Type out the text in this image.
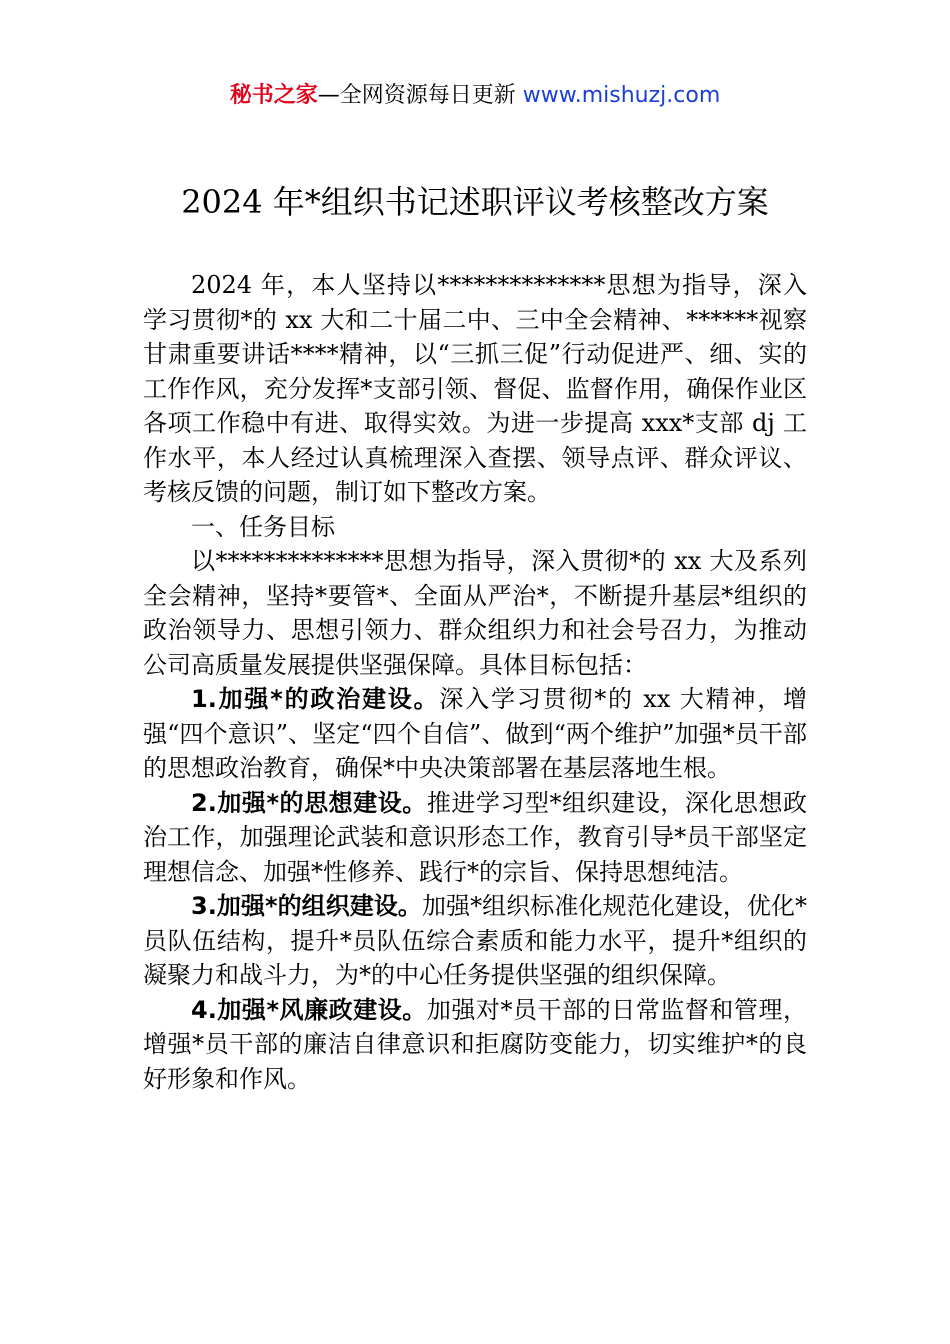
秘书之家—全网资源每日更新 www.mishuzj.com
2024 年*组织书记述职评议考核整改方案

2024 年，本人坚持以**************思想为指导，深入学习贯彻*的 xx 大和二十届二中、三中全会精神、******视察甘肃重要讲话****精神，以“三抓三促”行动促进严、细、实的工作作风，充分发挥*支部引领、督促、监督作用，确保作业区各项工作稳中有进、取得实效。为进一步提高 xxx*支部 dj 工作水平，本人经过认真梳理深入查摆、领导点评、群众评议、考核反馈的问题，制订如下整改方案。

一、任务目标

以**************思想为指导，深入贯彻*的 xx 大及系列全会精神，坚持*要管*、全面从严治*，不断提升基层*组织的政治领导力、思想引领力、群众组织力和社会号召力，为推动公司高质量发展提供坚强保障。具体目标包括：

1.加强*的政治建设。深入学习贯彻*的 xx 大精神，增强“四个意识”、坚定“四个自信”、做到“两个维护”加强*员干部的思想政治教育，确保*中央决策部署在基层落地生根。

2.加强*的思想建设。推进学习型*组织建设，深化思想政治工作，加强理论武装和意识形态工作，教育引导*员干部坚定理想信念、加强*性修养、践行*的宗旨、保持思想纯洁。

3.加强*的组织建设。加强*组织标准化规范化建设，优化*员队伍结构，提升*员队伍综合素质和能力水平，提升*组织的凝聚力和战斗力，为*的中心任务提供坚强的组织保障。

4.加强*风廉政建设。加强对*员干部的日常监督和管理，增强*员干部的廉洁自律意识和拒腐防变能力，切实维护*的良好形象和作风。
